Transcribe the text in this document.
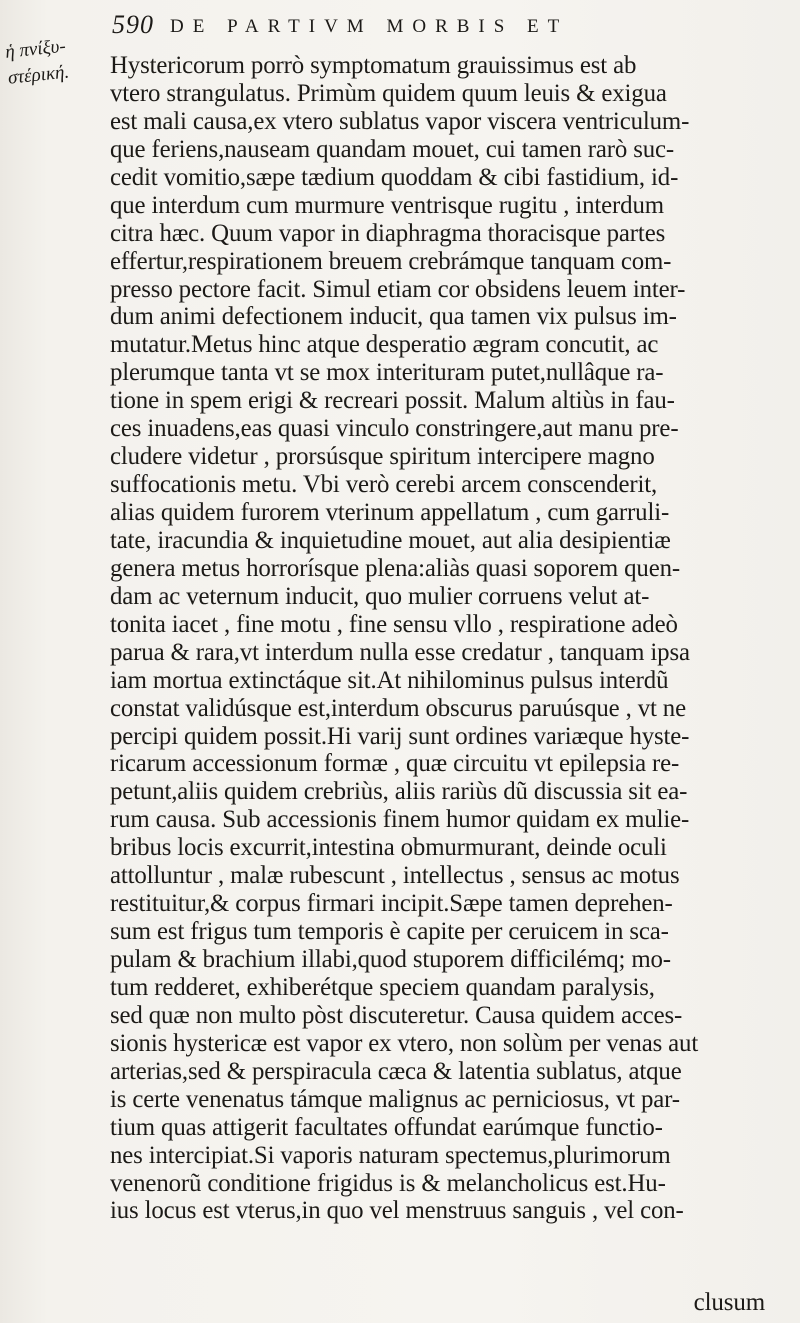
590 DE PARTIVM MORBIS ET
ἡ πνίξυ-
στέρική.	Hystericorum porrò symptomatum grauissimus est ab
vtero strangulatus. Primùm quidem quum leuis & exigua
est mali causa,ex vtero sublatus vapor viscera ventriculum-
que feriens,nauseam quandam mouet, cui tamen rarò suc-
cedit vomitio,sæpe tædium quoddam & cibi fastidium, id-
que interdum cum murmure ventrisque rugitu , interdum
citra hæc. Quum vapor in diaphragma thoracisque partes
effertur,respirationem breuem crebrámque tanquam com-
presso pectore facit. Simul etiam cor obsidens leuem inter-
dum animi defectionem inducit, qua tamen vix pulsus im-
mutatur.Metus hinc atque desperatio ægram concutit, ac
plerumque tanta vt se mox interituram putet,nullâque ra-
tione in spem erigi & recreari possit. Malum altiùs in fau-
ces inuadens,eas quasi vinculo constringere,aut manu pre-
cludere videtur , prorsúsque spiritum intercipere magno
suffocationis metu. Vbi verò cerebi arcem conscenderit,
alias quidem furorem vterinum appellatum , cum garruli-
tate, iracundia & inquietudine mouet, aut alia desipientiæ
genera metus horrorísque plena:aliàs quasi soporem quen-
dam ac veternum inducit, quo mulier corruens velut at-
tonita iacet , fine motu , fine sensu vllo , respiratione adeò
parua & rara,vt interdum nulla esse credatur , tanquam ipsa
iam mortua extinctáque sit.At nihilominus pulsus interdũ
constat validúsque est,interdum obscurus paruúsque , vt ne
percipi quidem possit.Hi varij sunt ordines variæque hyste-
ricarum accessionum formæ , quæ circuitu vt epilepsia re-
petunt,aliis quidem crebriùs, aliis rariùs dũ discussia sit ea-
rum causa. Sub accessionis finem humor quidam ex mulie-
bribus locis excurrit,intestina obmurmurant, deinde oculi
attolluntur , malæ rubescunt , intellectus , sensus ac motus
restituitur,& corpus firmari incipit.Sæpe tamen deprehen-
sum est frigus tum temporis è capite per ceruicem in sca-
pulam & brachium illabi,quod stuporem difficilémq; mo-
tum redderet, exhiberétque speciem quandam paralysis,
sed quæ non multo pòst discuteretur. Causa quidem acces-
sionis hystericæ est vapor ex vtero, non solùm per venas aut
arterias,sed & perspiracula cæca & latentia sublatus, atque
is certe venenatus támque malignus ac perniciosus, vt par-
tium quas attigerit facultates offundat earúmque functio-
nes intercipiat.Si vaporis naturam spectemus,plurimorum
venenorũ conditione frigidus is & melancholicus est.Hu-
ius locus est vterus,in quo vel menstruus sanguis , vel con-
clusum
